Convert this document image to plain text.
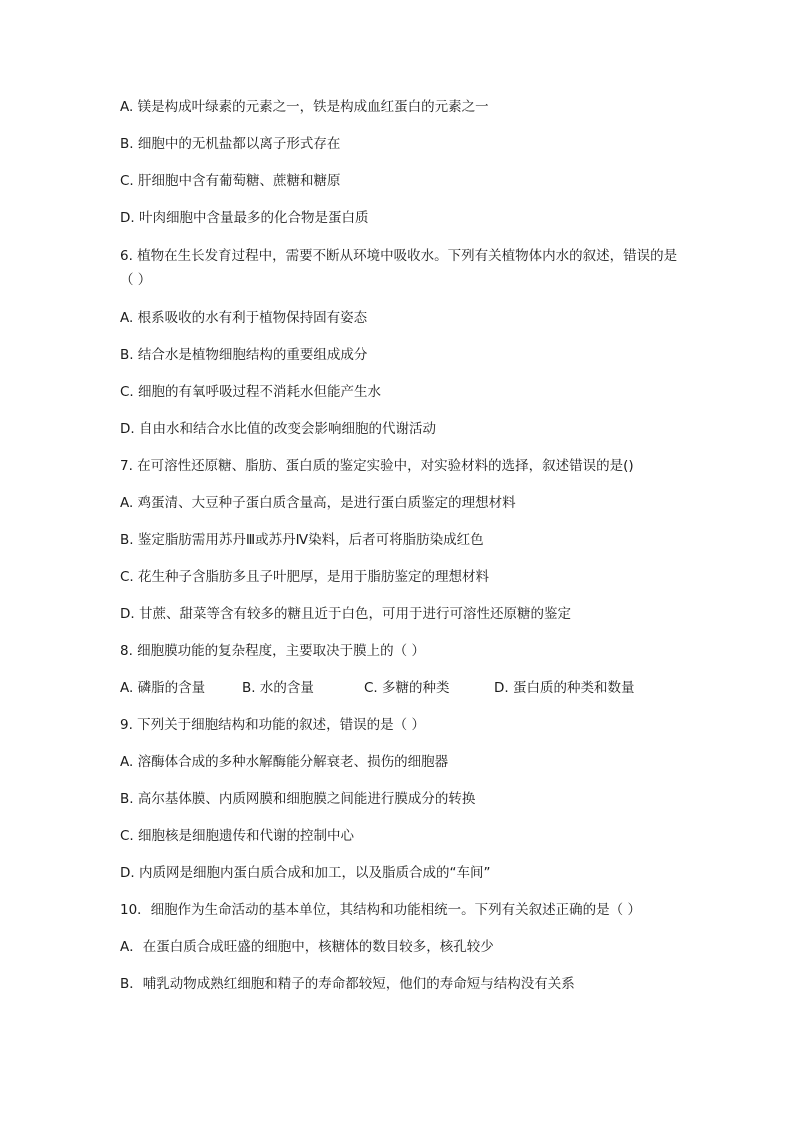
A. 镁是构成叶绿素的元素之一，铁是构成血红蛋白的元素之一

B. 细胞中的无机盐都以离子形式存在

C. 肝细胞中含有葡萄糖、蔗糖和糖原

D. 叶肉细胞中含量最多的化合物是蛋白质

6. 植物在生长发育过程中，需要不断从环境中吸收水。下列有关植物体内水的叙述，错误的是（ ）

A. 根系吸收的水有利于植物保持固有姿态

B. 结合水是植物细胞结构的重要组成成分

C. 细胞的有氧呼吸过程不消耗水但能产生水

D. 自由水和结合水比值的改变会影响细胞的代谢活动

7. 在可溶性还原糖、脂肪、蛋白质的鉴定实验中，对实验材料的选择，叙述错误的是()

A. 鸡蛋清、大豆种子蛋白质含量高，是进行蛋白质鉴定的理想材料

B. 鉴定脂肪需用苏丹Ⅲ或苏丹Ⅳ染料，后者可将脂肪染成红色

C. 花生种子含脂肪多且子叶肥厚，是用于脂肪鉴定的理想材料

D. 甘蔗、甜菜等含有较多的糖且近于白色，可用于进行可溶性还原糖的鉴定

8. 细胞膜功能的复杂程度，主要取决于膜上的（ ）

A. 磷脂的含量	B. 水的含量	C. 多糖的种类	D. 蛋白质的种类和数量

9. 下列关于细胞结构和功能的叙述，错误的是（ ）

A. 溶酶体合成的多种水解酶能分解衰老、损伤的细胞器

B. 高尔基体膜、内质网膜和细胞膜之间能进行膜成分的转换

C. 细胞核是细胞遗传和代谢的控制中心

D. 内质网是细胞内蛋白质合成和加工，以及脂质合成的“车间”

10．细胞作为生命活动的基本单位，其结构和功能相统一。下列有关叙述正确的是（ ）

A．在蛋白质合成旺盛的细胞中，核糖体的数目较多，核孔较少

B．哺乳动物成熟红细胞和精子的寿命都较短，他们的寿命短与结构没有关系
